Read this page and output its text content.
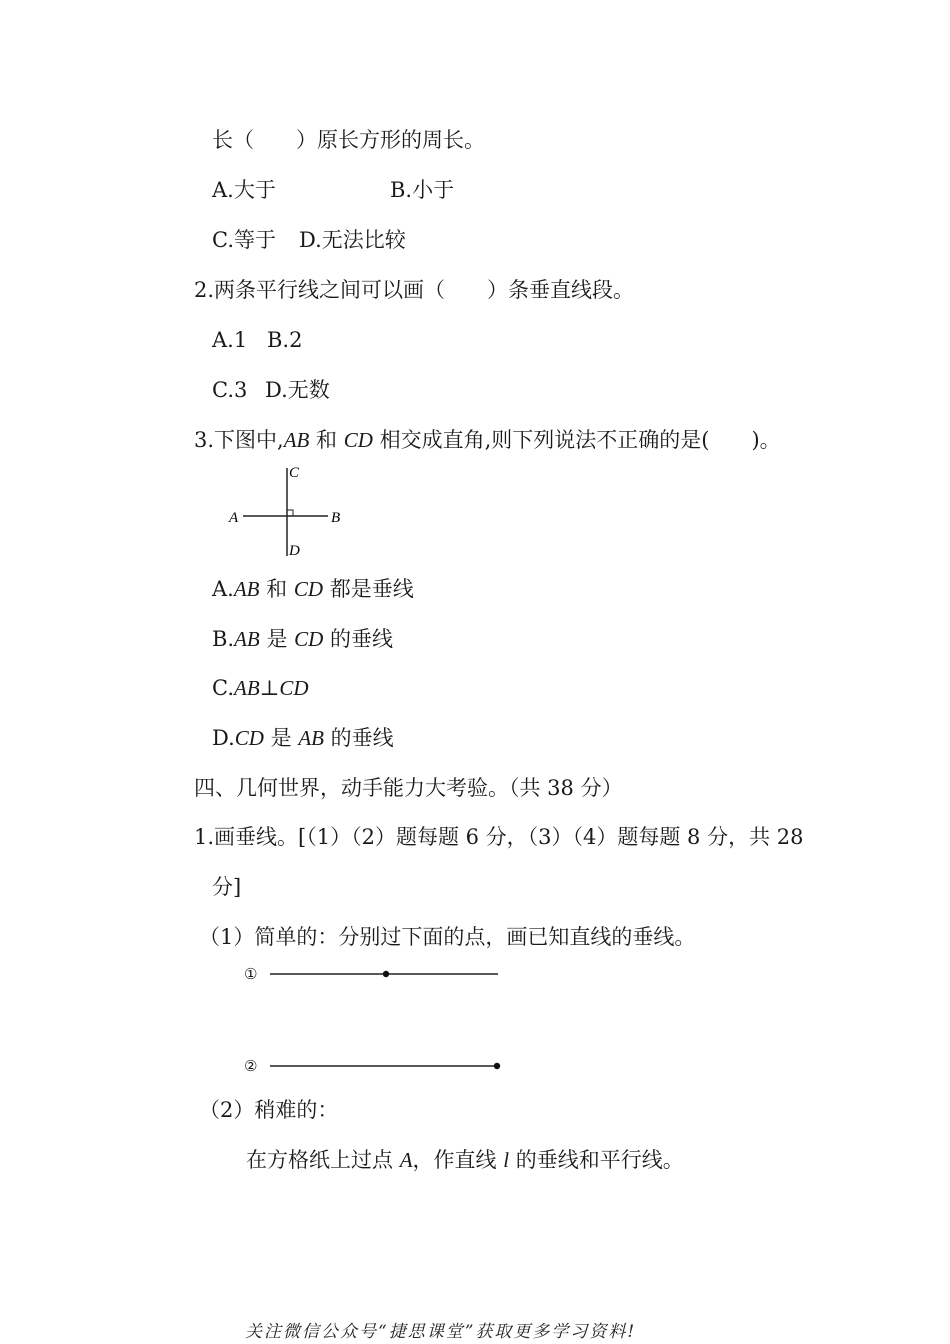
长（　　）原长方形的周长。
A.大于	B.小于
C.等于 D.无法比较
2.两条平行线之间可以画（　　）条垂直线段。
A.1 B.2
C.3 D.无数
3.下图中,AB 和 CD 相交成直角,则下列说法不正确的是(　　)。
A	B
C
D
A.AB 和 CD 都是垂线
B.AB 是 CD 的垂线
C.AB⊥CD
D.CD 是 AB 的垂线
四、几何世界，动手能力大考验。（共 38 分）
1.画垂线。[（1）（2）题每题 6 分，（3）（4）题每题 8 分，共 28
分]
（1）简单的：分别过下面的点，画已知直线的垂线。
①
②
（2）稍难的：
在方格纸上过点 A，作直线 l 的垂线和平行线。
关注微信公众号“捷思课堂”获取更多学习资料!
